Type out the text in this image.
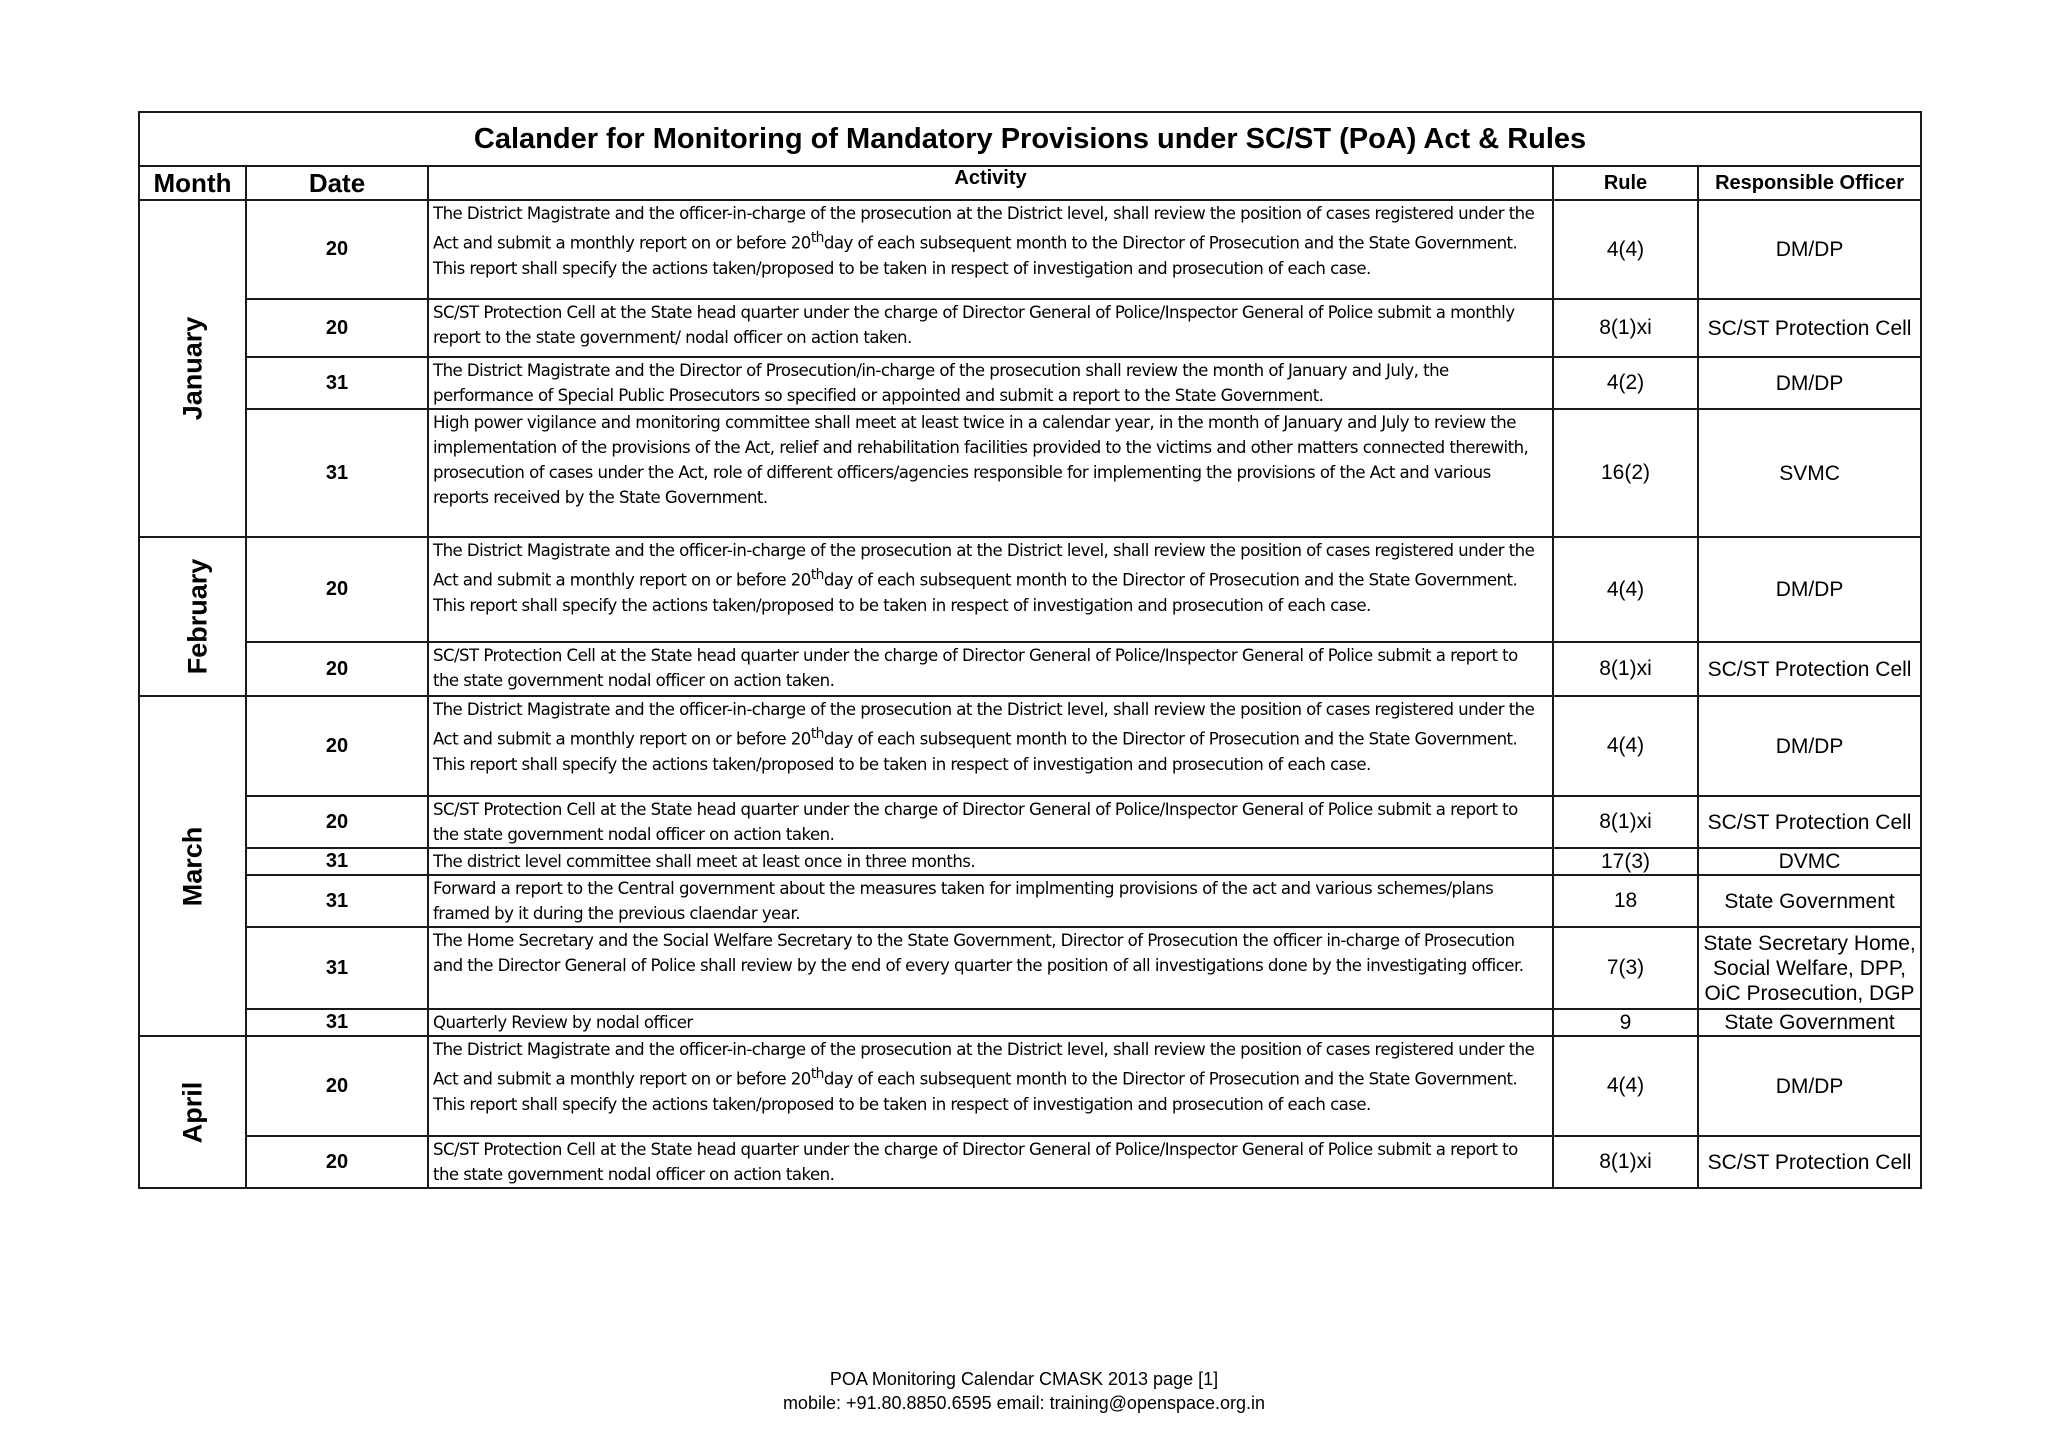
Calander for Monitoring of Mandatory Provisions under SC/ST (PoA) Act & Rules				
Month	Date	Activity	Rule	Responsible Officer
January	20	The District Magistrate and the officer-in-charge of the prosecution at the District level, shall review the position of cases registered under the Act and submit a monthly report on or before 20thday of each subsequent month to the Director of Prosecution and the State Government. This report shall specify the actions taken/proposed to be taken in respect of investigation and prosecution of each case.	4(4)	DM/DP
	20	SC/ST Protection Cell at the State head quarter under the charge of Director General of Police/Inspector General of Police submit a monthly report to the state government/ nodal officer on action taken.	8(1)xi	SC/ST Protection Cell
	31	The District Magistrate and the Director of Prosecution/in-charge of the prosecution shall review the month of January and July, the performance of Special Public Prosecutors so specified or appointed and submit a report to the State Government.	4(2)	DM/DP
	31	High power vigilance and monitoring committee shall meet at least twice in a calendar year, in the month of January and July to review the implementation of the provisions of the Act, relief and rehabilitation facilities provided to the victims and other matters connected therewith, prosecution of cases under the Act, role of different officers/agencies responsible for implementing the provisions of the Act and various reports received by the State Government.	16(2)	SVMC
February	20	The District Magistrate and the officer-in-charge of the prosecution at the District level, shall review the position of cases registered under the Act and submit a monthly report on or before 20thday of each subsequent month to the Director of Prosecution and the State Government. This report shall specify the actions taken/proposed to be taken in respect of investigation and prosecution of each case.	4(4)	DM/DP
	20	SC/ST Protection Cell at the State head quarter under the charge of Director General of Police/Inspector General of Police submit a report to the state government nodal officer on action taken.	8(1)xi	SC/ST Protection Cell
March	20	The District Magistrate and the officer-in-charge of the prosecution at the District level, shall review the position of cases registered under the Act and submit a monthly report on or before 20thday of each subsequent month to the Director of Prosecution and the State Government. This report shall specify the actions taken/proposed to be taken in respect of investigation and prosecution of each case.	4(4)	DM/DP
	20	SC/ST Protection Cell at the State head quarter under the charge of Director General of Police/Inspector General of Police submit a report to the state government nodal officer on action taken.	8(1)xi	SC/ST Protection Cell
	31	The district level committee shall meet at least once in three months.	17(3)	DVMC
	31	Forward a report to the Central government about the measures taken for implmenting provisions of the act and various schemes/plans framed by it during the previous claendar year.	18	State Government
	31	The Home Secretary and the Social Welfare Secretary to the State Government, Director of Prosecution the officer in-charge of Prosecution and the Director General of Police shall review by the end of every quarter the position of all investigations done by the investigating officer.	7(3)	State Secretary Home, Social Welfare, DPP, OiC Prosecution, DGP
	31	Quarterly Review by nodal officer	9	State Government
April	20	The District Magistrate and the officer-in-charge of the prosecution at the District level, shall review the position of cases registered under the Act and submit a monthly report on or before 20thday of each subsequent month to the Director of Prosecution and the State Government. This report shall specify the actions taken/proposed to be taken in respect of investigation and prosecution of each case.	4(4)	DM/DP
	20	SC/ST Protection Cell at the State head quarter under the charge of Director General of Police/Inspector General of Police submit a report to the state government nodal officer on action taken.	8(1)xi	SC/ST Protection Cell
POA Monitoring Calendar CMASK 2013 page [1]
mobile: +91.80.8850.6595 email: training@openspace.org.in
